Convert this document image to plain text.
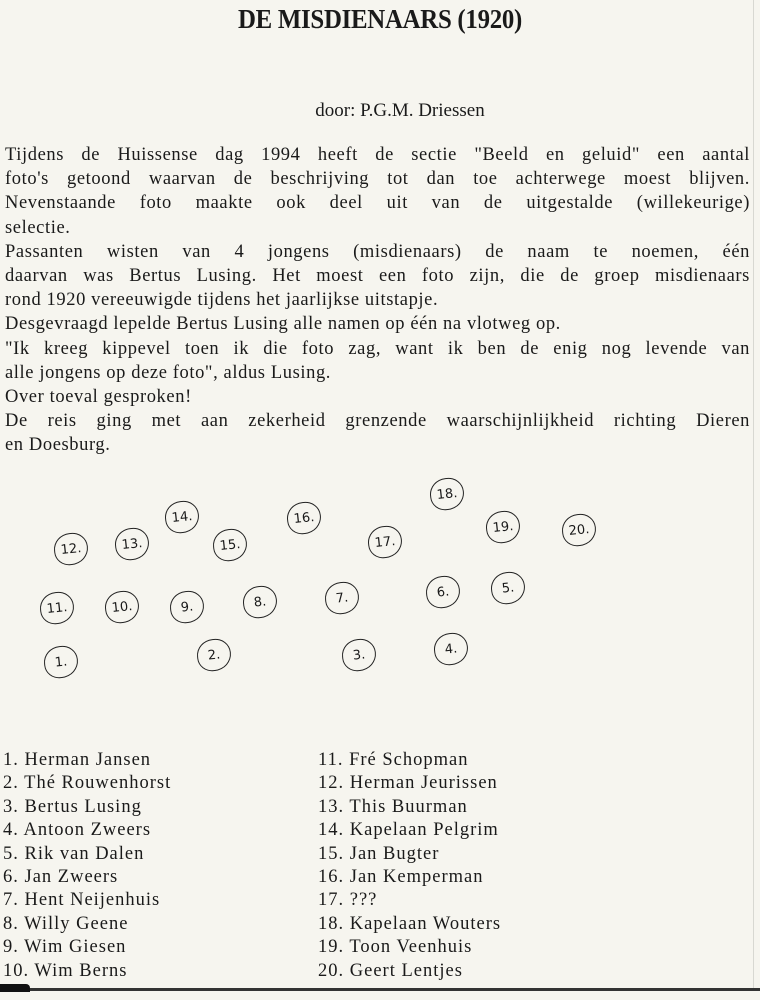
DE MISDIENAARS (1920)
door: P.G.M. Driessen
Tijdens de Huissense dag 1994 heeft de sectie "Beeld en geluid" een aantal
foto's getoond waarvan de beschrijving tot dan toe achterwege moest blijven.
Nevenstaande foto maakte ook deel uit van de uitgestalde (willekeurige)
selectie.
Passanten wisten van 4 jongens (misdienaars) de naam te noemen, één
daarvan was Bertus Lusing. Het moest een foto zijn, die de groep misdienaars
rond 1920 vereeuwigde tijdens het jaarlijkse uitstapje.
Desgevraagd lepelde Bertus Lusing alle namen op één na vlotweg op.
"Ik kreeg kippevel toen ik die foto zag, want ik ben de enig nog levende van
alle jongens op deze foto", aldus Lusing.
Over toeval gesproken!
De reis ging met aan zekerheid grenzende waarschijnlijkheid richting Dieren
en Doesburg.
1.	2.	3.	4.
5.
6.
7.
8.
9.
10.
11.
12.	13.
14.
15.
16.
17.
18.
19.	20.
1. Herman Jansen
2. Thé Rouwenhorst
3. Bertus Lusing
4. Antoon Zweers
5. Rik van Dalen
6. Jan Zweers
7. Hent Neijenhuis
8. Willy Geene
9. Wim Giesen
10. Wim Berns
11. Fré Schopman
12. Herman Jeurissen
13. This Buurman
14. Kapelaan Pelgrim
15. Jan Bugter
16. Jan Kemperman
17. ???
18. Kapelaan Wouters
19. Toon Veenhuis
20. Geert Lentjes
